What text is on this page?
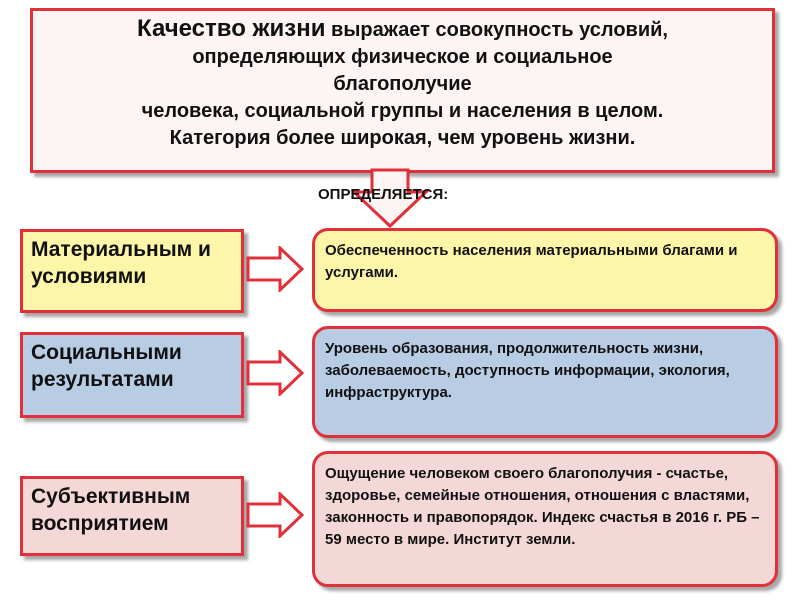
Качество жизни выражает совокупность условий,
определяющих физическое и социальное
благополучие
человека, социальной группы и населения в целом.
Категория более широкая, чем уровень жизни.
ОПРЕДЕЛЯЕТСЯ:
Материальным и условиями
Обеспеченность населения материальными благами и услугами.
Социальными результатами
Уровень образования, продолжительность жизни, заболеваемость, доступность информации, экология, инфраструктура.
Субъективным восприятием
Ощущение человеком своего благополучия - счастье, здоровье, семейные отношения, отношения с властями, законность и правопорядок. Индекс счастья в 2016 г. РБ – 59 место в мире. Институт земли.
